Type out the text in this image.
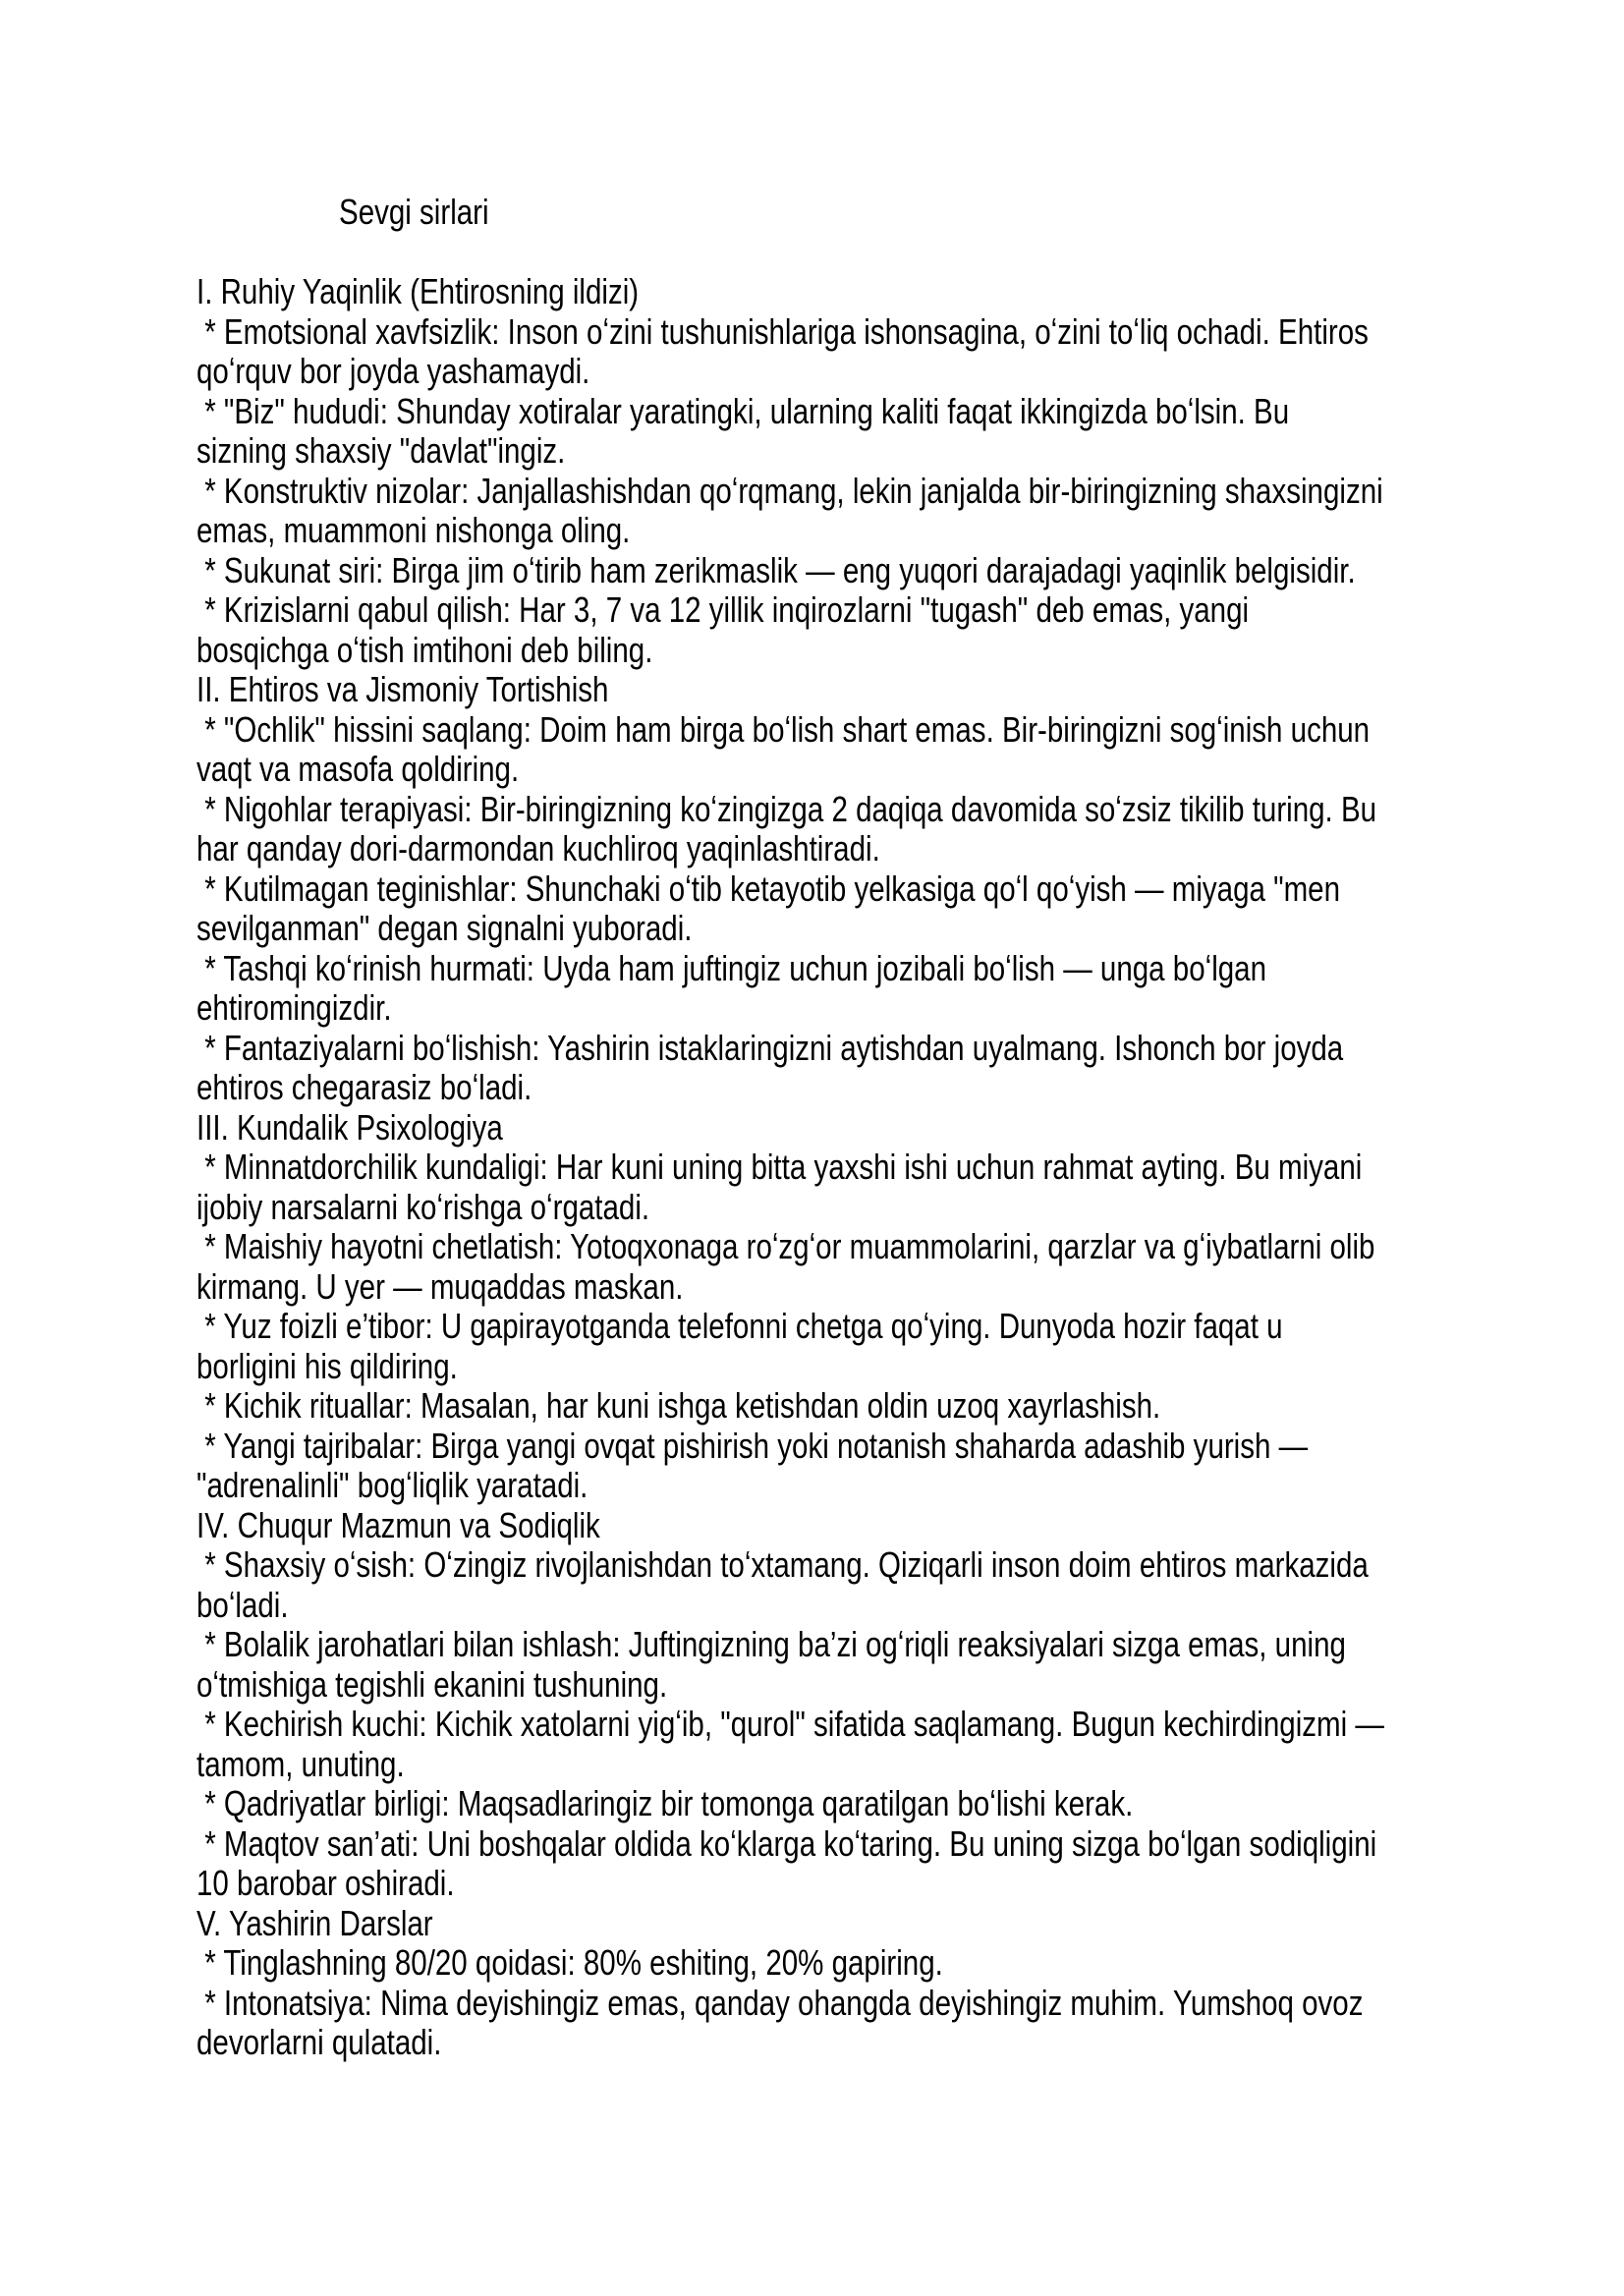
Sevgi sirlari
I. Ruhiy Yaqinlik (Ehtirosning ildizi)
* Emotsional xavfsizlik: Inson oʻzini tushunishlariga ishonsagina, oʻzini toʻliq ochadi. Ehtiros
qoʻrquv bor joyda yashamaydi.
* "Biz" hududi: Shunday xotiralar yaratingki, ularning kaliti faqat ikkingizda boʻlsin. Bu
sizning shaxsiy "davlat"ingiz.
* Konstruktiv nizolar: Janjallashishdan qoʻrqmang, lekin janjalda bir-biringizning shaxsingizni
emas, muammoni nishonga oling.
* Sukunat siri: Birga jim oʻtirib ham zerikmaslik — eng yuqori darajadagi yaqinlik belgisidir.
* Krizislarni qabul qilish: Har 3, 7 va 12 yillik inqirozlarni "tugash" deb emas, yangi
bosqichga oʻtish imtihoni deb biling.
II. Ehtiros va Jismoniy Tortishish
* "Ochlik" hissini saqlang: Doim ham birga boʻlish shart emas. Bir-biringizni sogʻinish uchun
vaqt va masofa qoldiring.
* Nigohlar terapiyasi: Bir-biringizning koʻzingizga 2 daqiqa davomida soʻzsiz tikilib turing. Bu
har qanday dori-darmondan kuchliroq yaqinlashtiradi.
* Kutilmagan teginishlar: Shunchaki oʻtib ketayotib yelkasiga qoʻl qoʻyish — miyaga "men
sevilganman" degan signalni yuboradi.
* Tashqi koʻrinish hurmati: Uyda ham juftingiz uchun jozibali boʻlish — unga boʻlgan
ehtiromingizdir.
* Fantaziyalarni boʻlishish: Yashirin istaklaringizni aytishdan uyalmang. Ishonch bor joyda
ehtiros chegarasiz boʻladi.
III. Kundalik Psixologiya
* Minnatdorchilik kundaligi: Har kuni uning bitta yaxshi ishi uchun rahmat ayting. Bu miyani
ijobiy narsalarni koʻrishga oʻrgatadi.
* Maishiy hayotni chetlatish: Yotoqxonaga roʻzgʻor muammolarini, qarzlar va gʻiybatlarni olib
kirmang. U yer — muqaddas maskan.
* Yuz foizli e’tibor: U gapirayotganda telefonni chetga qoʻying. Dunyoda hozir faqat u
borligini his qildiring.
* Kichik rituallar: Masalan, har kuni ishga ketishdan oldin uzoq xayrlashish.
* Yangi tajribalar: Birga yangi ovqat pishirish yoki notanish shaharda adashib yurish —
"adrenalinli" bogʻliqlik yaratadi.
IV. Chuqur Mazmun va Sodiqlik
* Shaxsiy oʻsish: Oʻzingiz rivojlanishdan toʻxtamang. Qiziqarli inson doim ehtiros markazida
boʻladi.
* Bolalik jarohatlari bilan ishlash: Juftingizning ba’zi ogʻriqli reaksiyalari sizga emas, uning
oʻtmishiga tegishli ekanini tushuning.
* Kechirish kuchi: Kichik xatolarni yigʻib, "qurol" sifatida saqlamang. Bugun kechirdingizmi —
tamom, unuting.
* Qadriyatlar birligi: Maqsadlaringiz bir tomonga qaratilgan boʻlishi kerak.
* Maqtov san’ati: Uni boshqalar oldida koʻklarga koʻtaring. Bu uning sizga boʻlgan sodiqligini
10 barobar oshiradi.
V. Yashirin Darslar
* Tinglashning 80/20 qoidasi: 80% eshiting, 20% gapiring.
* Intonatsiya: Nima deyishingiz emas, qanday ohangda deyishingiz muhim. Yumshoq ovoz
devorlarni qulatadi.
